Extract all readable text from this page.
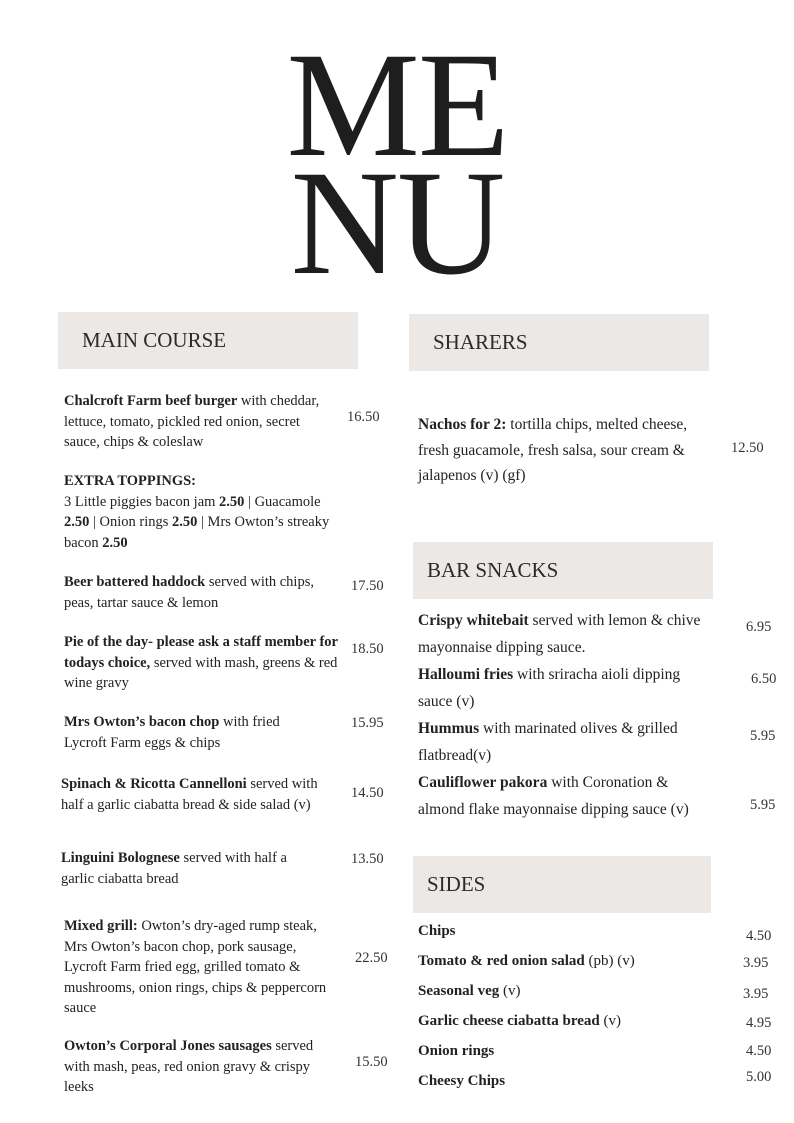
ME
NU
MAIN COURSE	SHARERS
BAR SNACKS
SIDES
Chalcroft Farm beef burger with cheddar, lettuce, tomato, pickled red onion, secret sauce, chips & coleslaw
16.50
EXTRA TOPPINGS:
3 Little piggies bacon jam 2.50 | Guacamole 2.50 | Onion rings 2.50 | Mrs Owton’s streaky bacon 2.50
Beer battered haddock served with chips, peas, tartar sauce & lemon
17.50
Pie of the day- please ask a staff member for todays choice, served with mash, greens & red wine gravy
18.50
Mrs Owton’s bacon chop with fried Lycroft Farm eggs & chips
15.95
Spinach & Ricotta Cannelloni served with half a garlic ciabatta bread & side salad (v)
14.50
Linguini Bolognese served with half a garlic ciabatta bread
13.50
Mixed grill: Owton’s dry-aged rump steak, Mrs Owton’s bacon chop, pork sausage, Lycroft Farm fried egg, grilled tomato & mushrooms, onion rings, chips & peppercorn sauce
22.50
Owton’s Corporal Jones sausages served with mash, peas, red onion gravy & crispy leeks
15.50
Nachos for 2: tortilla chips, melted cheese, fresh guacamole, fresh salsa, sour cream & jalapenos (v) (gf)
12.50
Crispy whitebait served with lemon & chive mayonnaise dipping sauce.
Halloumi fries with sriracha aioli dipping sauce (v)
Hummus with marinated olives & grilled flatbread(v)
Cauliflower pakora with Coronation & almond flake mayonnaise dipping sauce (v)
6.95
6.50
5.95
5.95
Chips
Tomato & red onion salad (pb) (v)
Seasonal veg (v)
Garlic cheese ciabatta bread (v)
Onion rings
Cheesy Chips
4.50
3.95
3.95
4.95
4.50
5.00
